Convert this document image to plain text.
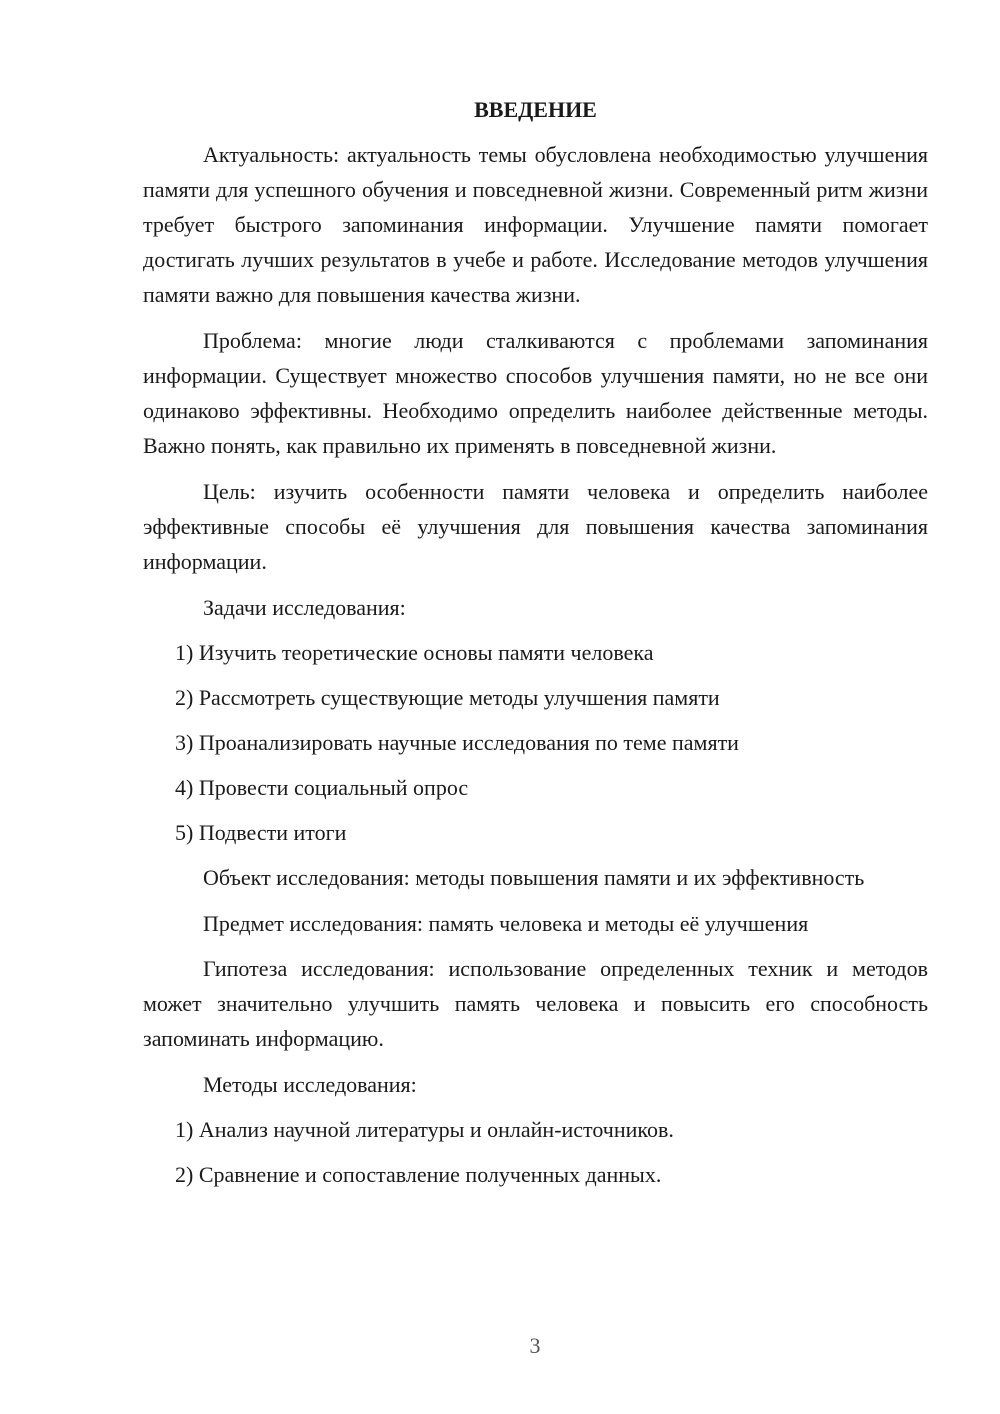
ВВЕДЕНИЕ
Актуальность: актуальность темы обусловлена необходимостью улучшения памяти для успешного обучения и повседневной жизни. Современный ритм жизни требует быстрого запоминания информации. Улучшение памяти помогает достигать лучших результатов в учебе и работе. Исследование методов улучшения памяти важно для повышения качества жизни.
Проблема: многие люди сталкиваются с проблемами запоминания информации. Существует множество способов улучшения памяти, но не все они одинаково эффективны. Необходимо определить наиболее действенные методы. Важно понять, как правильно их применять в повседневной жизни.
Цель: изучить особенности памяти человека и определить наиболее эффективные способы её улучшения для повышения качества запоминания информации.
Задачи исследования:
1) Изучить теоретические основы памяти человека
2) Рассмотреть существующие методы улучшения памяти
3) Проанализировать научные исследования по теме памяти
4) Провести социальный опрос
5) Подвести итоги
Объект исследования: методы повышения памяти и их эффективность
Предмет исследования: память человека и методы её улучшения
Гипотеза исследования: использование определенных техник и методов может значительно улучшить память человека и повысить его способность запоминать информацию.
Методы исследования:
1) Анализ научной литературы и онлайн-источников.
2) Сравнение и сопоставление полученных данных.
3
